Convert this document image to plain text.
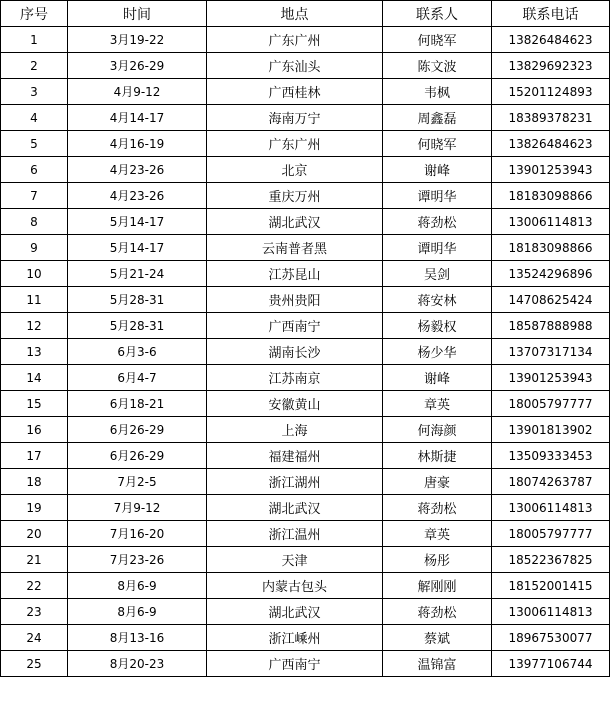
序号	时间	地点	联系人	联系电话
1	3月19-22	广东广州	何晓军	13826484623
2	3月26-29	广东汕头	陈文波	13829692323
3	4月9-12	广西桂林	韦枫	15201124893
4	4月14-17	海南万宁	周鑫磊	18389378231
5	4月16-19	广东广州	何晓军	13826484623
6	4月23-26	北京	谢峰	13901253943
7	4月23-26	重庆万州	谭明华	18183098866
8	5月14-17	湖北武汉	蒋劲松	13006114813
9	5月14-17	云南普者黑	谭明华	18183098866
10	5月21-24	江苏昆山	吴剑	13524296896
11	5月28-31	贵州贵阳	蒋安林	14708625424
12	5月28-31	广西南宁	杨毅权	18587888988
13	6月3-6	湖南长沙	杨少华	13707317134
14	6月4-7	江苏南京	谢峰	13901253943
15	6月18-21	安徽黄山	章英	18005797777
16	6月26-29	上海	何海颜	13901813902
17	6月26-29	福建福州	林斯捷	13509333453
18	7月2-5	浙江湖州	唐豪	18074263787
19	7月9-12	湖北武汉	蒋劲松	13006114813
20	7月16-20	浙江温州	章英	18005797777
21	7月23-26	天津	杨彤	18522367825
22	8月6-9	内蒙古包头	解刚刚	18152001415
23	8月6-9	湖北武汉	蒋劲松	13006114813
24	8月13-16	浙江嵊州	蔡斌	18967530077
25	8月20-23	广西南宁	温锦富	13977106744
